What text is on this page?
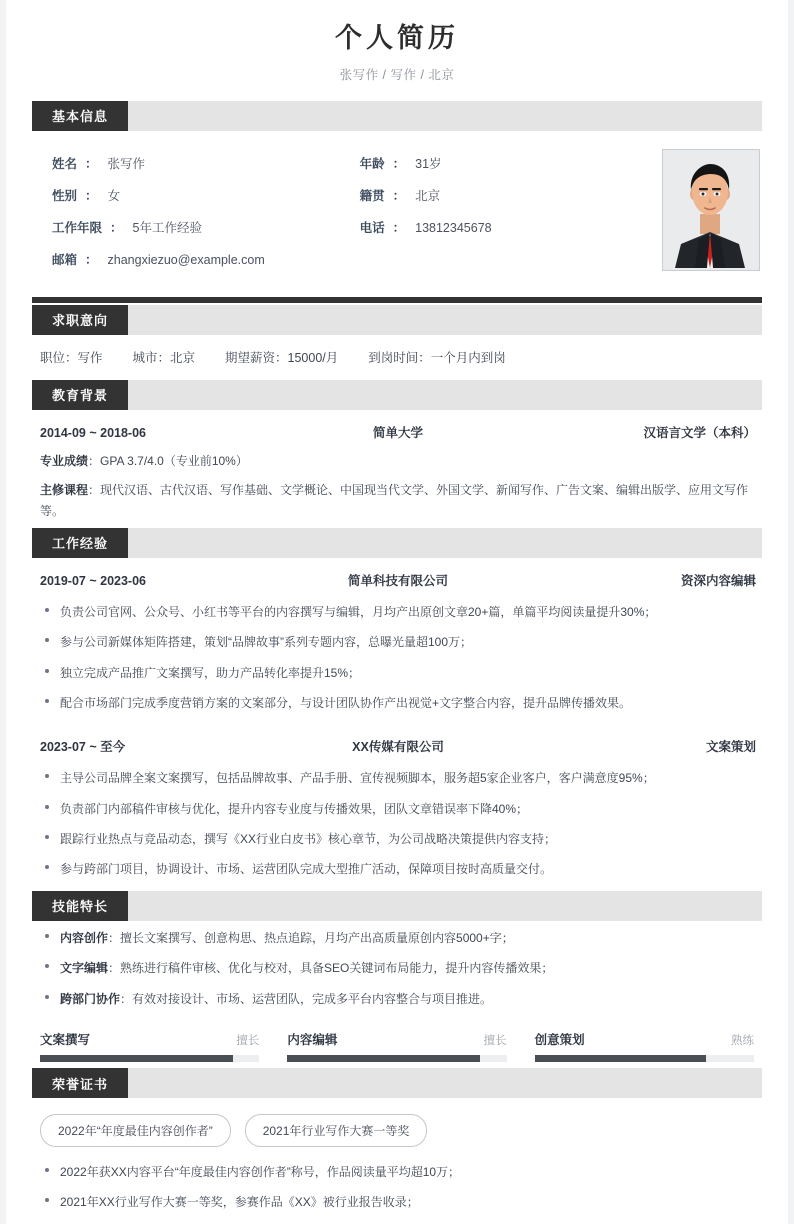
个人简历
张写作 / 写作 / 北京
基本信息
姓名 ： 张写作	年龄 ： 31岁
性别 ： 女	籍贯 ： 北京
工作年限 ： 5年工作经验	电话 ： 13812345678
邮箱 ： zhangxiezuo@example.com
求职意向
职位：写作 城市：北京 期望薪资：15000/月 到岗时间：一个月内到岗
教育背景
2014-09 ~ 2018-06	简单大学	汉语言文学（本科）
专业成绩：GPA 3.7/4.0（专业前10%）
主修课程：现代汉语、古代汉语、写作基础、文学概论、中国现当代文学、外国文学、新闻写作、广告文案、编辑出版学、应用文写作等。
工作经验
2019-07 ~ 2023-06	简单科技有限公司	资深内容编辑
负责公司官网、公众号、小红书等平台的内容撰写与编辑，月均产出原创文章20+篇，单篇平均阅读量提升30%；
参与公司新媒体矩阵搭建，策划“品牌故事”系列专题内容，总曝光量超100万；
独立完成产品推广文案撰写，助力产品转化率提升15%；
配合市场部门完成季度营销方案的文案部分，与设计团队协作产出视觉+文字整合内容，提升品牌传播效果。
2023-07 ~ 至今	XX传媒有限公司	文案策划
主导公司品牌全案文案撰写，包括品牌故事、产品手册、宣传视频脚本，服务超5家企业客户，客户满意度95%；
负责部门内部稿件审核与优化，提升内容专业度与传播效果，团队文章错误率下降40%；
跟踪行业热点与竞品动态，撰写《XX行业白皮书》核心章节，为公司战略决策提供内容支持；
参与跨部门项目，协调设计、市场、运营团队完成大型推广活动，保障项目按时高质量交付。
技能特长
内容创作：擅长文案撰写、创意构思、热点追踪，月均产出高质量原创内容5000+字；
文字编辑：熟练进行稿件审核、优化与校对，具备SEO关键词布局能力，提升内容传播效果；
跨部门协作：有效对接设计、市场、运营团队，完成多平台内容整合与项目推进。
文案撰写	擅长 内容编辑	擅长 创意策划	熟练
荣誉证书
2022年“年度最佳内容创作者”	2021年行业写作大赛一等奖
2022年获XX内容平台“年度最佳内容创作者”称号，作品阅读量平均超10万；
2021年XX行业写作大赛一等奖，参赛作品《XX》被行业报告收录；
